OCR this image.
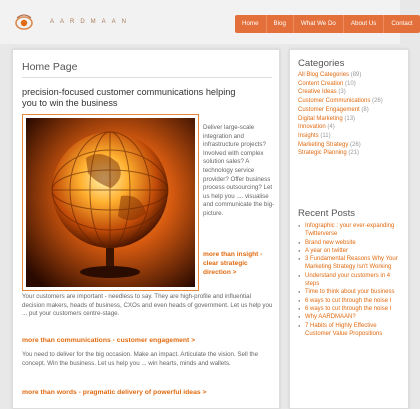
AARDMAAN	Home	Blog	What We Do	About Us	Contact
Home Page
precision-focused customer communications helping you to win the business
Deliver large-scale integration and infrastructure projects? Involved with complex solution sales? A technology service provider? Offer business process outsourcing? Let us help you .... visualise and communicate the big-picture.
more than insight - clear strategic direction >
Your customers are important - needless to say. They are high-profile and influential decision makers, heads of business, CXOs and even heads of government. Let us help you ... put your customers centre-stage.
more than communications - customer engagement >
You need to deliver for the big occasion. Make an impact. Articulate the vision. Sell the concept. Win the business. Let us help you ... win hearts, minds and wallets.
more than words - pragmatic delivery of powerful ideas >
Categories
All Blog Categories (89)
Content Creation (10)
Creative Ideas (3)
Customer Communications (26)
Customer Engagement (8)
Digital Marketing (13)
Innovation (4)
Insights (11)
Marketing Strategy (26)
Strategic Planning (21)
Recent Posts
● Infographic : your ever-expanding
Twitterverse
● Brand new website
● A year on twitter
● 3 Fundamental Reasons Why Your
Marketing Strategy Isn't Working
● Understand your customers in 4
steps
● Time to think about your business
● 6 ways to cut through the noise I
● 6 ways to cut through the noise I
● Why AARDMAAN?
● 7 Habits of Highly Effective
Customer Value Propositions
